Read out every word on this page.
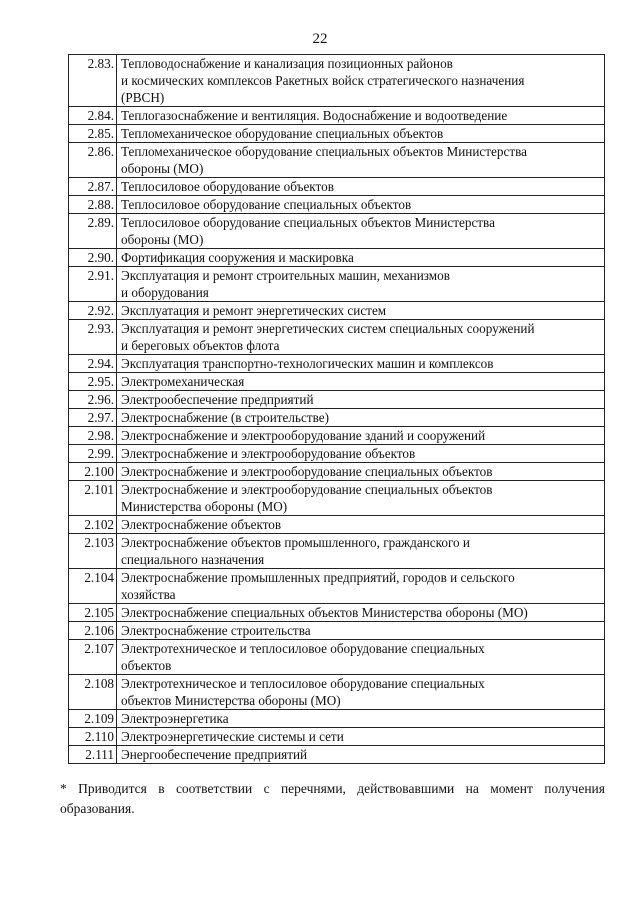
22
2.83.	Тепловодоснабжение и канализация позиционных районов
и космических комплексов Ракетных войск стратегического назначения
(РВСН)
2.84.	Теплогазоснабжение и вентиляция. Водоснабжение и водоотведение
2.85.	Тепломеханическое оборудование специальных объектов
2.86.	Тепломеханическое оборудование специальных объектов Министерства
обороны (МО)
2.87.	Теплосиловое оборудование объектов
2.88.	Теплосиловое оборудование специальных объектов
2.89.	Теплосиловое оборудование специальных объектов Министерства
обороны (МО)
2.90.	Фортификация сооружения и маскировка
2.91.	Эксплуатация и ремонт строительных машин, механизмов
и оборудования
2.92.	Эксплуатация и ремонт энергетических систем
2.93.	Эксплуатация и ремонт энергетических систем специальных сооружений
и береговых объектов флота
2.94.	Эксплуатация транспортно-технологических машин и комплексов
2.95.	Электромеханическая
2.96.	Электрообеспечение предприятий
2.97.	Электроснабжение (в строительстве)
2.98.	Электроснабжение и электрооборудование зданий и сооружений
2.99.	Электроснабжение и электрооборудование объектов
2.100	Электроснабжение и электрооборудование специальных объектов
2.101	Электроснабжение и электрооборудование специальных объектов
Министерства обороны (МО)
2.102	Электроснабжение объектов
2.103	Электроснабжение объектов промышленного, гражданского и
специального назначения
2.104	Электроснабжение промышленных предприятий, городов и сельского
хозяйства
2.105	Электроснабжение специальных объектов Министерства обороны (МО)
2.106	Электроснабжение строительства
2.107	Электротехническое и теплосиловое оборудование специальных
объектов
2.108	Электротехническое и теплосиловое оборудование специальных
объектов Министерства обороны (МО)
2.109	Электроэнергетика
2.110	Электроэнергетические системы и сети
2.111	Энергообеспечение предприятий
* Приводится в соответствии с перечнями, действовавшими на момент получения образования.
